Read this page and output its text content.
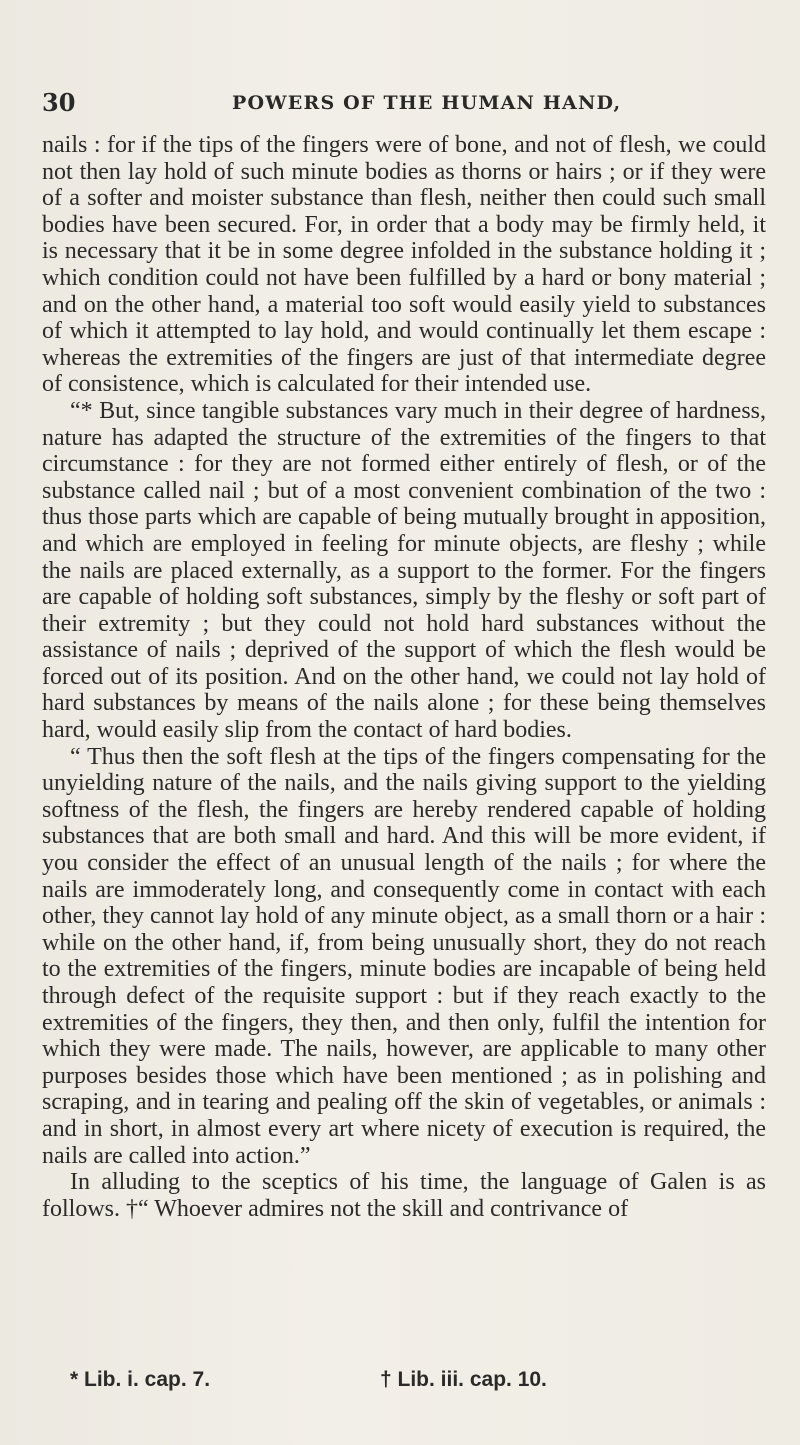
30	POWERS OF THE HUMAN HAND,

nails : for if the tips of the fingers were of bone, and not of flesh, we could not then lay hold of such minute bodies as thorns or hairs ; or if they were of a softer and moister substance than flesh, neither then could such small bodies have been secured. For, in order that a body may be firmly held, it is necessary that it be in some degree infolded in the substance holding it ; which condition could not have been fulfilled by a hard or bony material ; and on the other hand, a material too soft would easily yield to substances of which it attempted to lay hold, and would continually let them escape : whereas the extremities of the fingers are just of that intermediate degree of consistence, which is calculated for their intended use.

“* But, since tangible substances vary much in their degree of hardness, nature has adapted the structure of the extremities of the fingers to that circumstance : for they are not formed either entirely of flesh, or of the substance called nail ; but of a most convenient combination of the two : thus those parts which are capable of being mutually brought in apposition, and which are employed in feeling for minute objects, are fleshy ; while the nails are placed externally, as a support to the former. For the fingers are capable of holding soft substances, simply by the fleshy or soft part of their extremity ; but they could not hold hard substances without the assistance of nails ; deprived of the support of which the flesh would be forced out of its position. And on the other hand, we could not lay hold of hard substances by means of the nails alone ; for these being themselves hard, would easily slip from the contact of hard bodies.

“ Thus then the soft flesh at the tips of the fingers compensating for the unyielding nature of the nails, and the nails giving support to the yielding softness of the flesh, the fingers are hereby rendered capable of holding substances that are both small and hard. And this will be more evident, if you consider the effect of an unusual length of the nails ; for where the nails are immoderately long, and consequently come in contact with each other, they cannot lay hold of any minute object, as a small thorn or a hair : while on the other hand, if, from being unusually short, they do not reach to the extremities of the fingers, minute bodies are incapable of being held through defect of the requisite support : but if they reach exactly to the extremities of the fingers, they then, and then only, fulfil the intention for which they were made. The nails, however, are applicable to many other purposes besides those which have been mentioned ; as in polishing and scraping, and in tearing and pealing off the skin of vegetables, or animals : and in short, in almost every art where nicety of execution is required, the nails are called into action.”

In alluding to the sceptics of his time, the language of Galen is as follows. †“ Whoever admires not the skill and contrivance of

* Lib. i. cap. 7.	† Lib. iii. cap. 10.
